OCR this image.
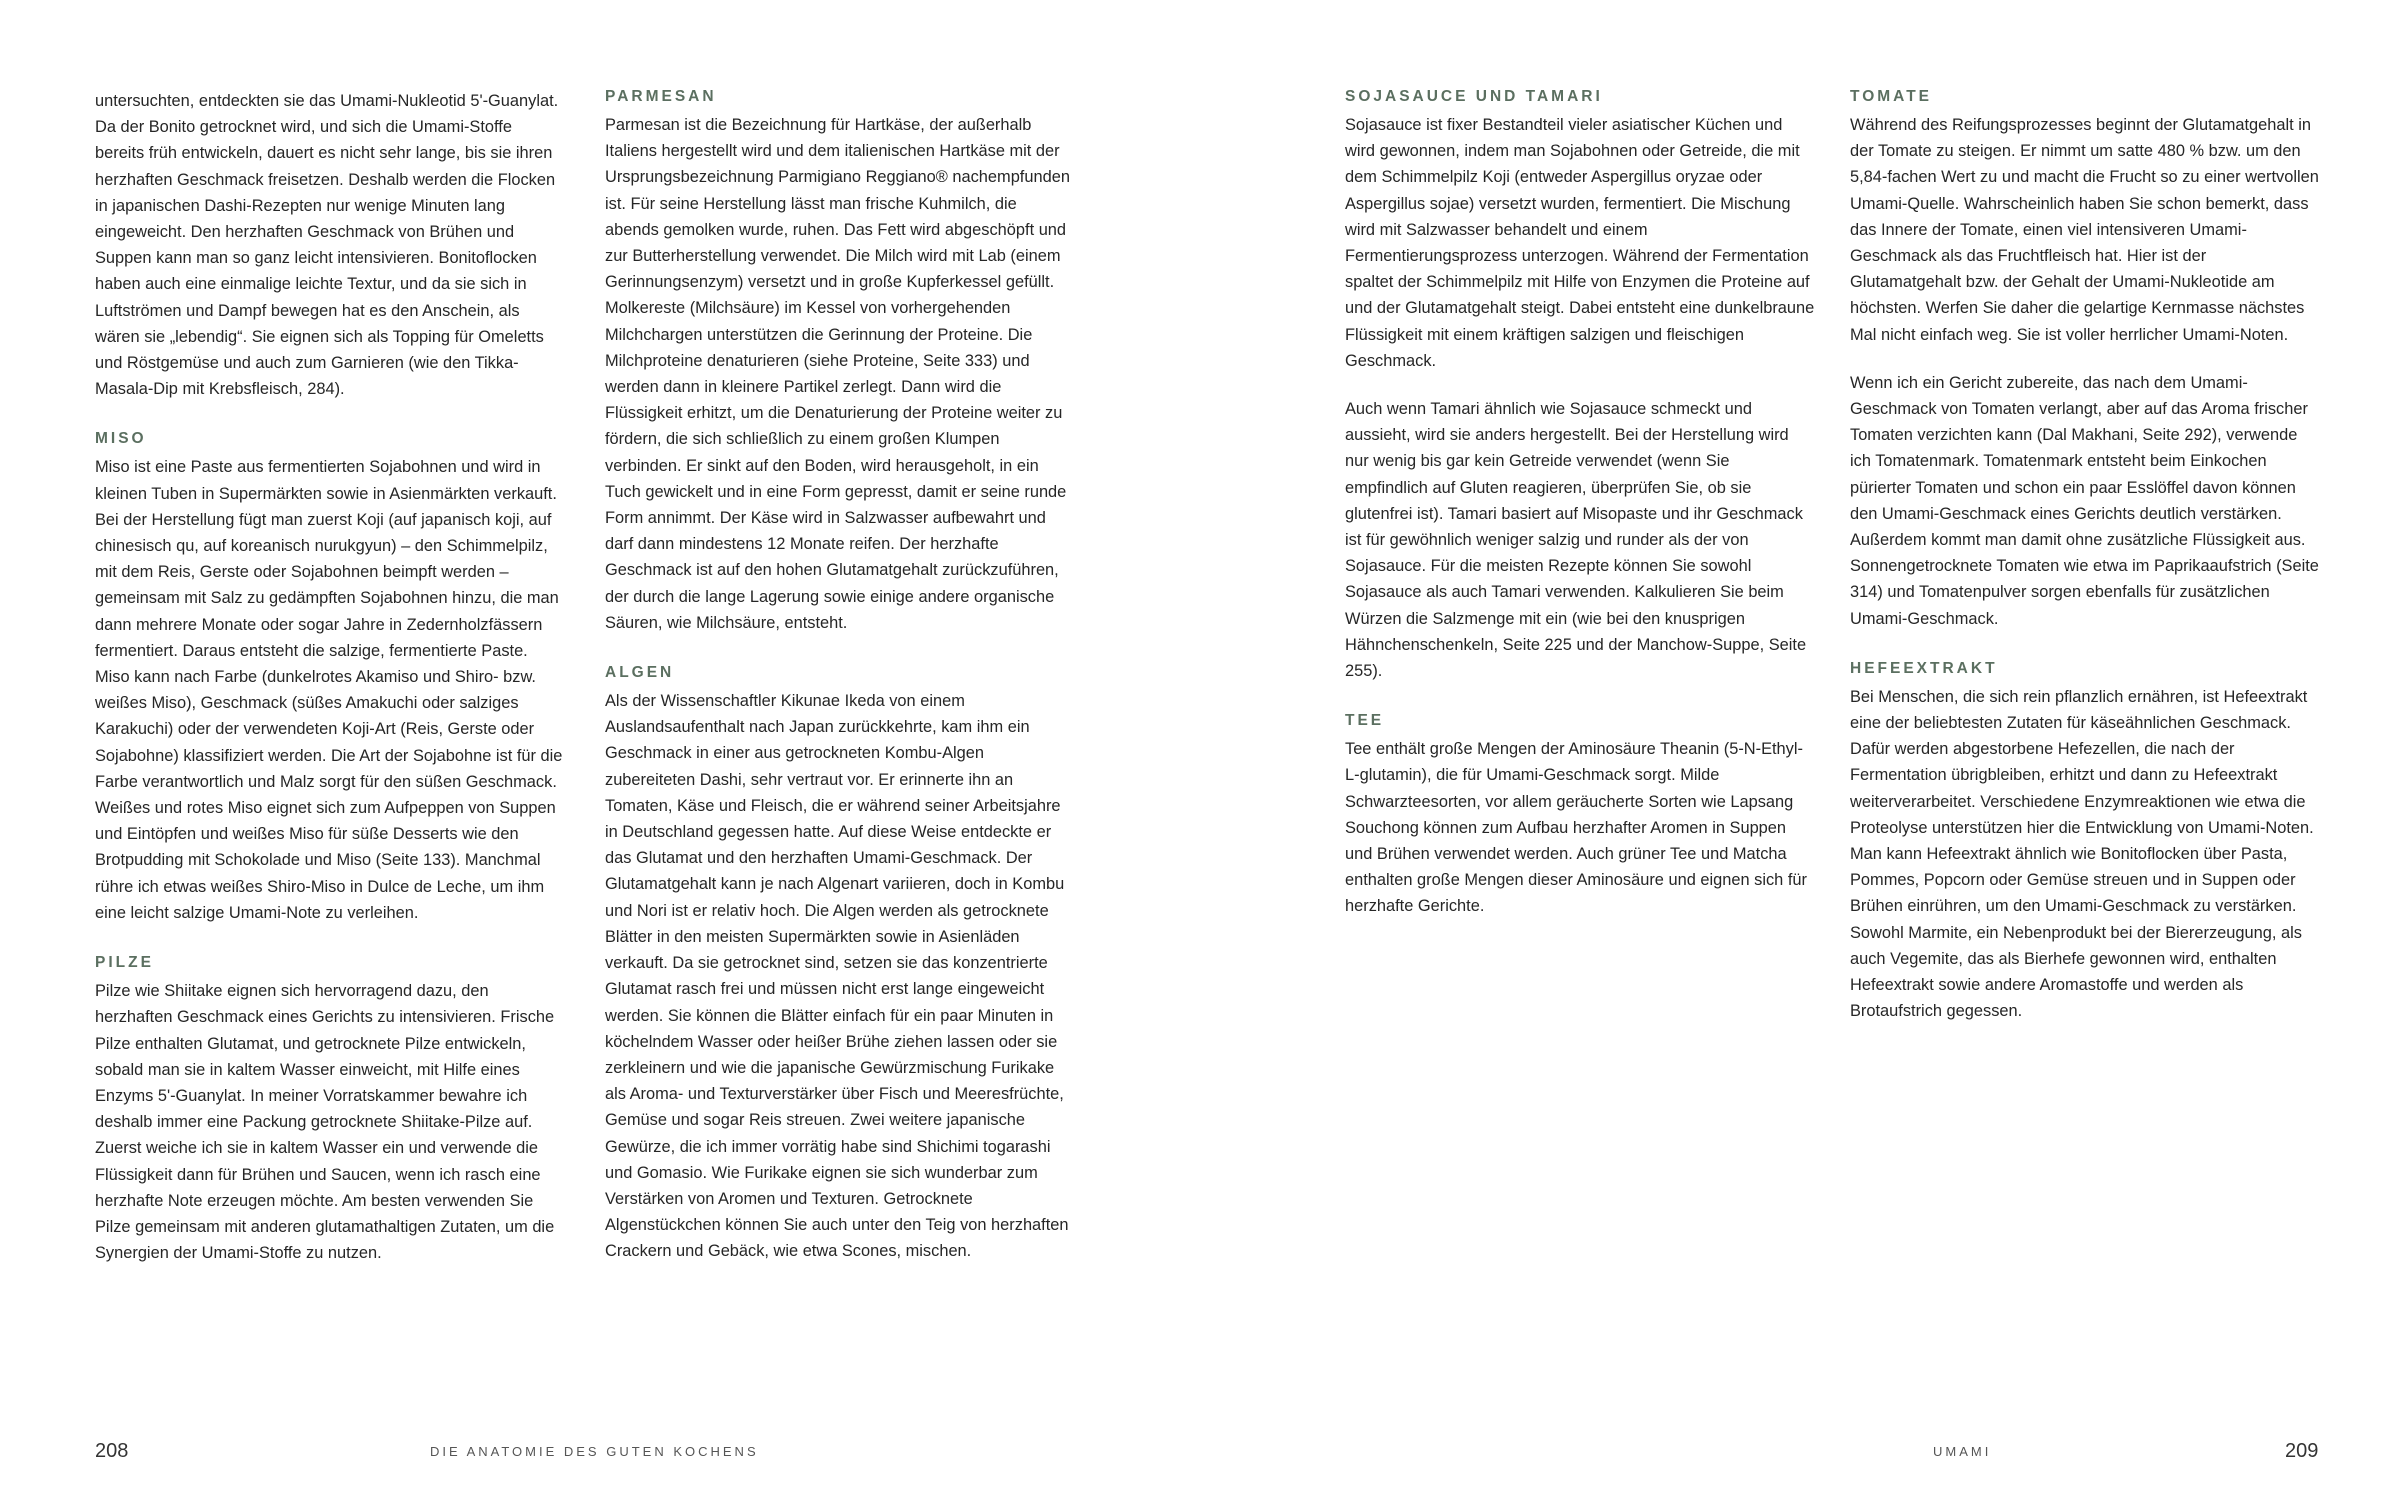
untersuchten, entdeckten sie das Umami-Nukleotid 5'-Guanylat. Da der Bonito getrocknet wird, und sich die Umami-Stoffe bereits früh entwickeln, dauert es nicht sehr lange, bis sie ihren herzhaften Geschmack freisetzen. Deshalb werden die Flocken in japanischen Dashi-Rezepten nur wenige Minuten lang eingeweicht. Den herzhaften Geschmack von Brühen und Suppen kann man so ganz leicht intensivieren. Bonitoflocken haben auch eine einmalige leichte Textur, und da sie sich in Luftströmen und Dampf bewegen hat es den Anschein, als wären sie „lebendig“. Sie eignen sich als Topping für Omeletts und Röstgemüse und auch zum Garnieren (wie den Tikka-Masala-Dip mit Krebsfleisch, 284).

MISO

Miso ist eine Paste aus fermentierten Sojabohnen und wird in kleinen Tuben in Supermärkten sowie in Asienmärkten verkauft. Bei der Herstellung fügt man zuerst Koji (auf japanisch koji, auf chinesisch qu, auf koreanisch nurukgyun) – den Schimmelpilz, mit dem Reis, Gerste oder Sojabohnen beimpft werden – gemeinsam mit Salz zu gedämpften Sojabohnen hinzu, die man dann mehrere Monate oder sogar Jahre in Zedernholzfässern fermentiert. Daraus entsteht die salzige, fermentierte Paste. Miso kann nach Farbe (dunkelrotes Akamiso und Shiro- bzw. weißes Miso), Geschmack (süßes Amakuchi oder salziges Karakuchi) oder der verwendeten Koji-Art (Reis, Gerste oder Sojabohne) klassifiziert werden. Die Art der Sojabohne ist für die Farbe verantwortlich und Malz sorgt für den süßen Geschmack. Weißes und rotes Miso eignet sich zum Aufpeppen von Suppen und Eintöpfen und weißes Miso für süße Desserts wie den Brotpudding mit Schokolade und Miso (Seite 133). Manchmal rühre ich etwas weißes Shiro-Miso in Dulce de Leche, um ihm eine leicht salzige Umami-Note zu verleihen.

PILZE

Pilze wie Shiitake eignen sich hervorragend dazu, den herzhaften Geschmack eines Gerichts zu intensivieren. Frische Pilze enthalten Glutamat, und getrocknete Pilze entwickeln, sobald man sie in kaltem Wasser einweicht, mit Hilfe eines Enzyms 5'-Guanylat. In meiner Vorratskammer bewahre ich deshalb immer eine Packung getrocknete Shiitake-Pilze auf. Zuerst weiche ich sie in kaltem Wasser ein und verwende die Flüssigkeit dann für Brühen und Saucen, wenn ich rasch eine herzhafte Note erzeugen möchte. Am besten verwenden Sie Pilze gemeinsam mit anderen glutamathaltigen Zutaten, um die Synergien der Umami-Stoffe zu nutzen.

PARMESAN

Parmesan ist die Bezeichnung für Hartkäse, der außerhalb Italiens hergestellt wird und dem italienischen Hartkäse mit der Ursprungsbezeichnung Parmigiano Reggiano® nachempfunden ist. Für seine Herstellung lässt man frische Kuhmilch, die abends gemolken wurde, ruhen. Das Fett wird abgeschöpft und zur Butterherstellung verwendet. Die Milch wird mit Lab (einem Gerinnungsenzym) versetzt und in große Kupferkessel gefüllt. Molkereste (Milchsäure) im Kessel von vorhergehenden Milchchargen unterstützen die Gerinnung der Proteine. Die Milchproteine denaturieren (siehe Proteine, Seite 333) und werden dann in kleinere Partikel zerlegt. Dann wird die Flüssigkeit erhitzt, um die Denaturierung der Proteine weiter zu fördern, die sich schließlich zu einem großen Klumpen verbinden. Er sinkt auf den Boden, wird herausgeholt, in ein Tuch gewickelt und in eine Form gepresst, damit er seine runde Form annimmt. Der Käse wird in Salzwasser aufbewahrt und darf dann mindestens 12 Monate reifen. Der herzhafte Geschmack ist auf den hohen Glutamatgehalt zurückzuführen, der durch die lange Lagerung sowie einige andere organische Säuren, wie Milchsäure, entsteht.

ALGEN

Als der Wissenschaftler Kikunae Ikeda von einem Auslandsaufenthalt nach Japan zurückkehrte, kam ihm ein Geschmack in einer aus getrockneten Kombu-Algen zubereiteten Dashi, sehr vertraut vor. Er erinnerte ihn an Tomaten, Käse und Fleisch, die er während seiner Arbeitsjahre in Deutschland gegessen hatte. Auf diese Weise entdeckte er das Glutamat und den herzhaften Umami-Geschmack. Der Glutamatgehalt kann je nach Algenart variieren, doch in Kombu und Nori ist er relativ hoch. Die Algen werden als getrocknete Blätter in den meisten Supermärkten sowie in Asienläden verkauft. Da sie getrocknet sind, setzen sie das konzentrierte Glutamat rasch frei und müssen nicht erst lange eingeweicht werden. Sie können die Blätter einfach für ein paar Minuten in köchelndem Wasser oder heißer Brühe ziehen lassen oder sie zerkleinern und wie die japanische Gewürzmischung Furikake als Aroma- und Texturverstärker über Fisch und Meeresfrüchte, Gemüse und sogar Reis streuen. Zwei weitere japanische Gewürze, die ich immer vorrätig habe sind Shichimi togarashi und Gomasio. Wie Furikake eignen sie sich wunderbar zum Verstärken von Aromen und Texturen. Getrocknete Algenstückchen können Sie auch unter den Teig von herzhaften Crackern und Gebäck, wie etwa Scones, mischen.

208	DIE ANATOMIE DES GUTEN KOCHENS
SOJASAUCE UND TAMARI

Sojasauce ist fixer Bestandteil vieler asiatischer Küchen und wird gewonnen, indem man Sojabohnen oder Getreide, die mit dem Schimmelpilz Koji (entweder Aspergillus oryzae oder Aspergillus sojae) versetzt wurden, fermentiert. Die Mischung wird mit Salzwasser behandelt und einem Fermentierungsprozess unterzogen. Während der Fermentation spaltet der Schimmelpilz mit Hilfe von Enzymen die Proteine auf und der Glutamatgehalt steigt. Dabei entsteht eine dunkelbraune Flüssigkeit mit einem kräftigen salzigen und fleischigen Geschmack.

Auch wenn Tamari ähnlich wie Sojasauce schmeckt und aussieht, wird sie anders hergestellt. Bei der Herstellung wird nur wenig bis gar kein Getreide verwendet (wenn Sie empfindlich auf Gluten reagieren, überprüfen Sie, ob sie glutenfrei ist). Tamari basiert auf Misopaste und ihr Geschmack ist für gewöhnlich weniger salzig und runder als der von Sojasauce. Für die meisten Rezepte können Sie sowohl Sojasauce als auch Tamari verwenden. Kalkulieren Sie beim Würzen die Salzmenge mit ein (wie bei den knusprigen Hähnchenschenkeln, Seite 225 und der Manchow-Suppe, Seite 255).

TEE

Tee enthält große Mengen der Aminosäure Theanin (5-N-Ethyl-L-glutamin), die für Umami-Geschmack sorgt. Milde Schwarzteesorten, vor allem geräucherte Sorten wie Lapsang Souchong können zum Aufbau herzhafter Aromen in Suppen und Brühen verwendet werden. Auch grüner Tee und Matcha enthalten große Mengen dieser Aminosäure und eignen sich für herzhafte Gerichte.

TOMATE

Während des Reifungsprozesses beginnt der Glutamatgehalt in der Tomate zu steigen. Er nimmt um satte 480 % bzw. um den 5,84-fachen Wert zu und macht die Frucht so zu einer wertvollen Umami-Quelle. Wahrscheinlich haben Sie schon bemerkt, dass das Innere der Tomate, einen viel intensiveren Umami-Geschmack als das Fruchtfleisch hat. Hier ist der Glutamatgehalt bzw. der Gehalt der Umami-Nukleotide am höchsten. Werfen Sie daher die gelartige Kernmasse nächstes Mal nicht einfach weg. Sie ist voller herrlicher Umami-Noten.

Wenn ich ein Gericht zubereite, das nach dem Umami-Geschmack von Tomaten verlangt, aber auf das Aroma frischer Tomaten verzichten kann (Dal Makhani, Seite 292), verwende ich Tomatenmark. Tomatenmark entsteht beim Einkochen pürierter Tomaten und schon ein paar Esslöffel davon können den Umami-Geschmack eines Gerichts deutlich verstärken. Außerdem kommt man damit ohne zusätzliche Flüssigkeit aus. Sonnengetrocknete Tomaten wie etwa im Paprikaaufstrich (Seite 314) und Tomatenpulver sorgen ebenfalls für zusätzlichen Umami-Geschmack.

HEFEEXTRAKT

Bei Menschen, die sich rein pflanzlich ernähren, ist Hefeextrakt eine der beliebtesten Zutaten für käseähnlichen Geschmack. Dafür werden abgestorbene Hefezellen, die nach der Fermentation übrigbleiben, erhitzt und dann zu Hefeextrakt weiterverarbeitet. Verschiedene Enzymreaktionen wie etwa die Proteolyse unterstützen hier die Entwicklung von Umami-Noten. Man kann Hefeextrakt ähnlich wie Bonitoflocken über Pasta, Pommes, Popcorn oder Gemüse streuen und in Suppen oder Brühen einrühren, um den Umami-Geschmack zu verstärken. Sowohl Marmite, ein Nebenprodukt bei der Biererzeugung, als auch Vegemite, das als Bierhefe gewonnen wird, enthalten Hefeextrakt sowie andere Aromastoffe und werden als Brotaufstrich gegessen.

UMAMI	209
